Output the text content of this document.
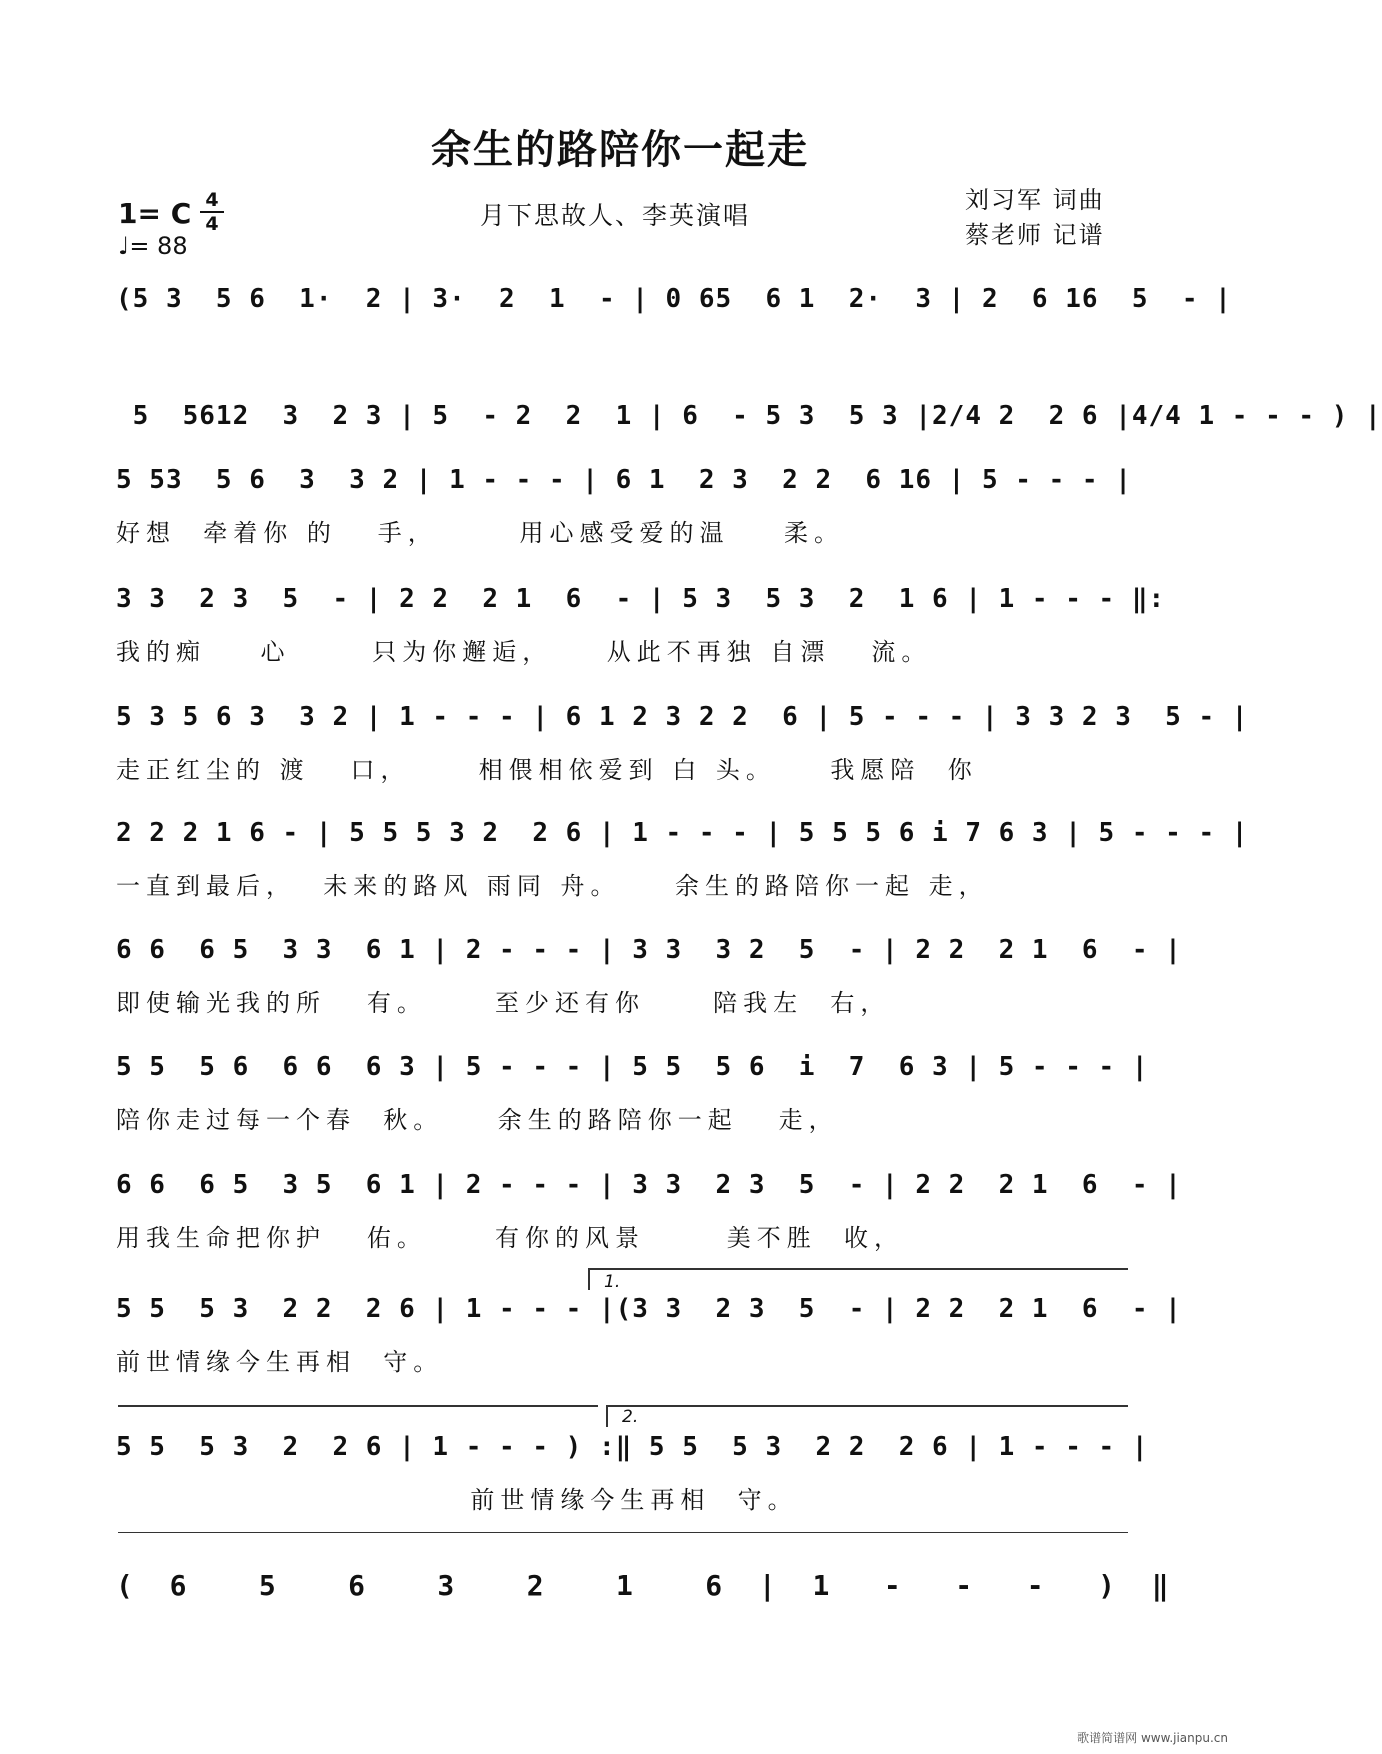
余生的路陪你一起走
1= C 4
4
♩= 88
月下思故人、李英演唱
刘习军 词曲
蔡老师 记谱
(5 3  5 6  1·  2 | 3·  2  1  - | 0 65  6 1  2·  3 | 2  6 16  5  - |
5  5612  3  2 3 | 5  - 2  2  1 | 6  - 5 3  5 3 |2/4 2  2 6 |4/4 1 - - - ) |
5 53  5 6  3  3 2 | 1 - - - | 6 1  2 3  2 2  6 16 | 5 - - - |
好想  牵着你 的   手，      用心感受爱的温    柔。
3 3  2 3  5  - | 2 2  2 1  6  - | 5 3  5 3  2  1 6 | 1 - - - ‖:
我的痴    心      只为你邂逅，    从此不再独 自漂   流。
5 3 5 6 3  3 2 | 1 - - - | 6 1 2 3 2 2  6 | 5 - - - | 3 3 2 3  5 - |
走正红尘的 渡   口，     相偎相依爱到 白 头。    我愿陪  你
2 2 2 1 6 - | 5 5 5 3 2  2 6 | 1 - - - | 5 5 5 6 i 7 6 3 | 5 - - - |
一直到最后，  未来的路风 雨同 舟。    余生的路陪你一起 走，
6 6  6 5  3 3  6 1 | 2 - - - | 3 3  3 2  5  - | 2 2  2 1  6  - |
即使输光我的所   有。     至少还有你     陪我左  右，
5 5  5 6  6 6  6 3 | 5 - - - | 5 5  5 6  i  7  6 3 | 5 - - - |
陪你走过每一个春  秋。    余生的路陪你一起   走，
6 6  6 5  3 5  6 1 | 2 - - - | 3 3  2 3  5  - | 2 2  2 1  6  - |
用我生命把你护   佑。     有你的风景      美不胜  收，
1.
5 5  5 3  2 2  2 6 | 1 - - - |(3 3  2 3  5  - | 2 2  2 1  6  - |
前世情缘今生再相  守。
2.
5 5  5 3  2  2 6 | 1 - - - ) :‖ 5 5  5 3  2 2  2 6 | 1 - - - |
前世情缘今生再相  守。
(  6    5    6    3    2    1    6  |  1   -   -   -   )  ‖
歌谱简谱网 www.jianpu.cn
